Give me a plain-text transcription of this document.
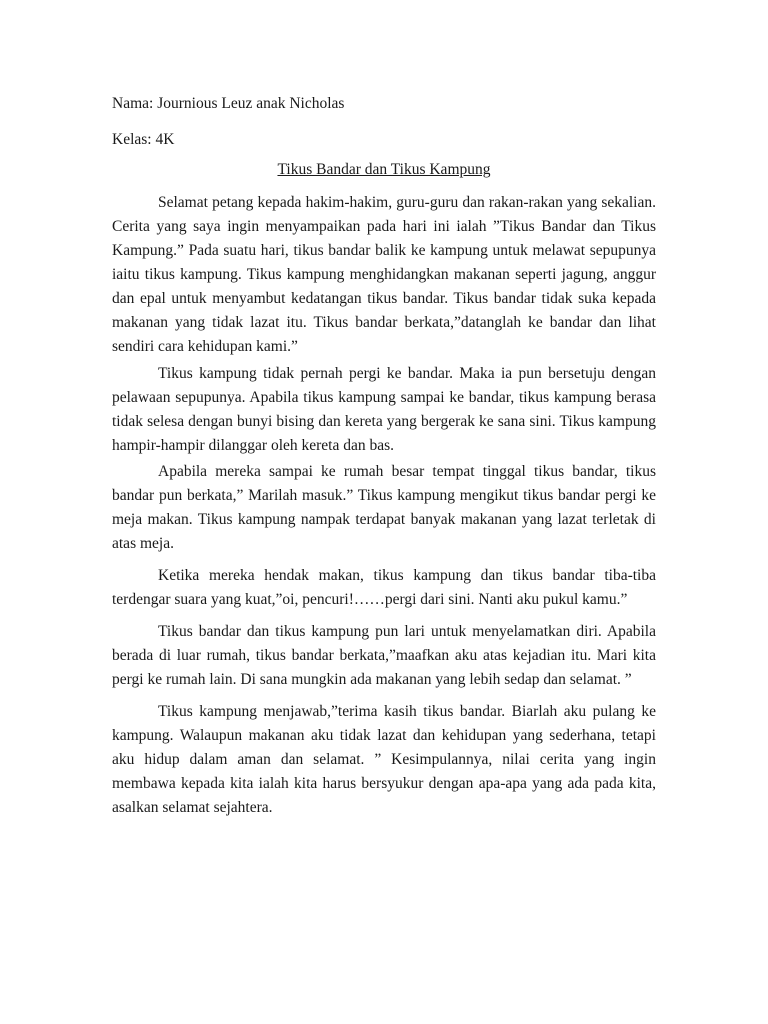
Nama: Journious Leuz anak Nicholas
Kelas: 4K
Tikus Bandar dan Tikus Kampung

Selamat petang kepada hakim-hakim, guru-guru dan rakan-rakan yang sekalian. Cerita yang saya ingin menyampaikan pada hari ini ialah ”Tikus Bandar dan Tikus Kampung.” Pada suatu hari, tikus bandar balik ke kampung untuk melawat sepupunya iaitu tikus kampung. Tikus kampung menghidangkan makanan seperti jagung, anggur dan epal untuk menyambut kedatangan tikus bandar. Tikus bandar tidak suka kepada makanan yang tidak lazat itu. Tikus bandar berkata,”datanglah ke bandar dan lihat sendiri cara kehidupan kami.”

Tikus kampung tidak pernah pergi ke bandar. Maka ia pun bersetuju dengan pelawaan sepupunya. Apabila tikus kampung sampai ke bandar, tikus kampung berasa tidak selesa dengan bunyi bising dan kereta yang bergerak ke sana sini. Tikus kampung hampir-hampir dilanggar oleh kereta dan bas.

Apabila mereka sampai ke rumah besar tempat tinggal tikus bandar, tikus bandar pun berkata,” Marilah masuk.” Tikus kampung mengikut tikus bandar pergi ke meja makan. Tikus kampung nampak terdapat banyak makanan yang lazat terletak di atas meja.

Ketika mereka hendak makan, tikus kampung dan tikus bandar tiba-tiba terdengar suara yang kuat,”oi, pencuri!……pergi dari sini. Nanti aku pukul kamu.”

Tikus bandar dan tikus kampung pun lari untuk menyelamatkan diri. Apabila berada di luar rumah, tikus bandar berkata,”maafkan aku atas kejadian itu. Mari kita pergi ke rumah lain. Di sana mungkin ada makanan yang lebih sedap dan selamat. ”

Tikus kampung menjawab,”terima kasih tikus bandar. Biarlah aku pulang ke kampung. Walaupun makanan aku tidak lazat dan kehidupan yang sederhana, tetapi aku hidup dalam aman dan selamat. ” Kesimpulannya, nilai cerita yang ingin membawa kepada kita ialah kita harus bersyukur dengan apa-apa yang ada pada kita, asalkan selamat sejahtera.
